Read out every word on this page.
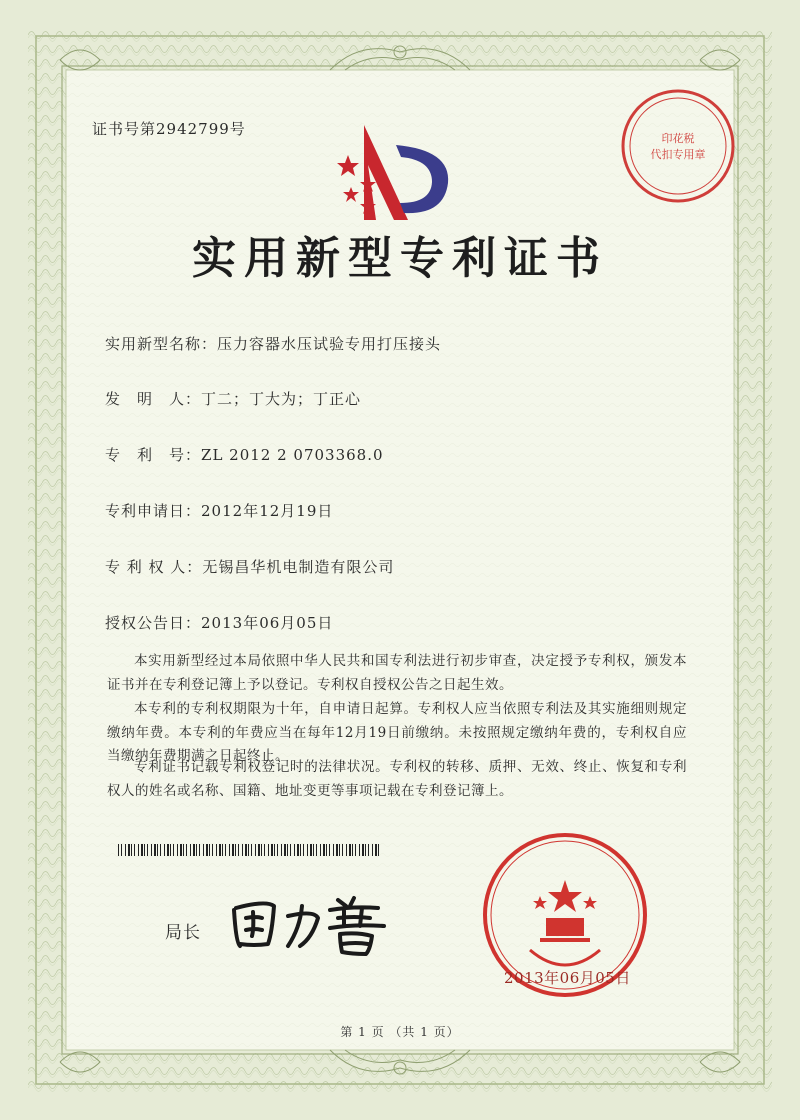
印花税
代扣专用章
证书号第2942799号
实用新型专利证书
实用新型名称：压力容器水压试验专用打压接头
发　明　人：丁二；丁大为；丁正心
专　利　号：ZL 2012 2 0703368.0
专利申请日：2012年12月19日
专 利 权 人：无锡昌华机电制造有限公司
授权公告日：2013年06月05日
本实用新型经过本局依照中华人民共和国专利法进行初步审查，决定授予专利权，颁发本证书并在专利登记簿上予以登记。专利权自授权公告之日起生效。
本专利的专利权期限为十年，自申请日起算。专利权人应当依照专利法及其实施细则规定缴纳年费。本专利的年费应当在每年12月19日前缴纳。未按照规定缴纳年费的，专利权自应当缴纳年费期满之日起终止。
专利证书记载专利权登记时的法律状况。专利权的转移、质押、无效、终止、恢复和专利权人的姓名或名称、国籍、地址变更等事项记载在专利登记簿上。
局长
2013年06月05日
第 1 页 （共 1 页）
